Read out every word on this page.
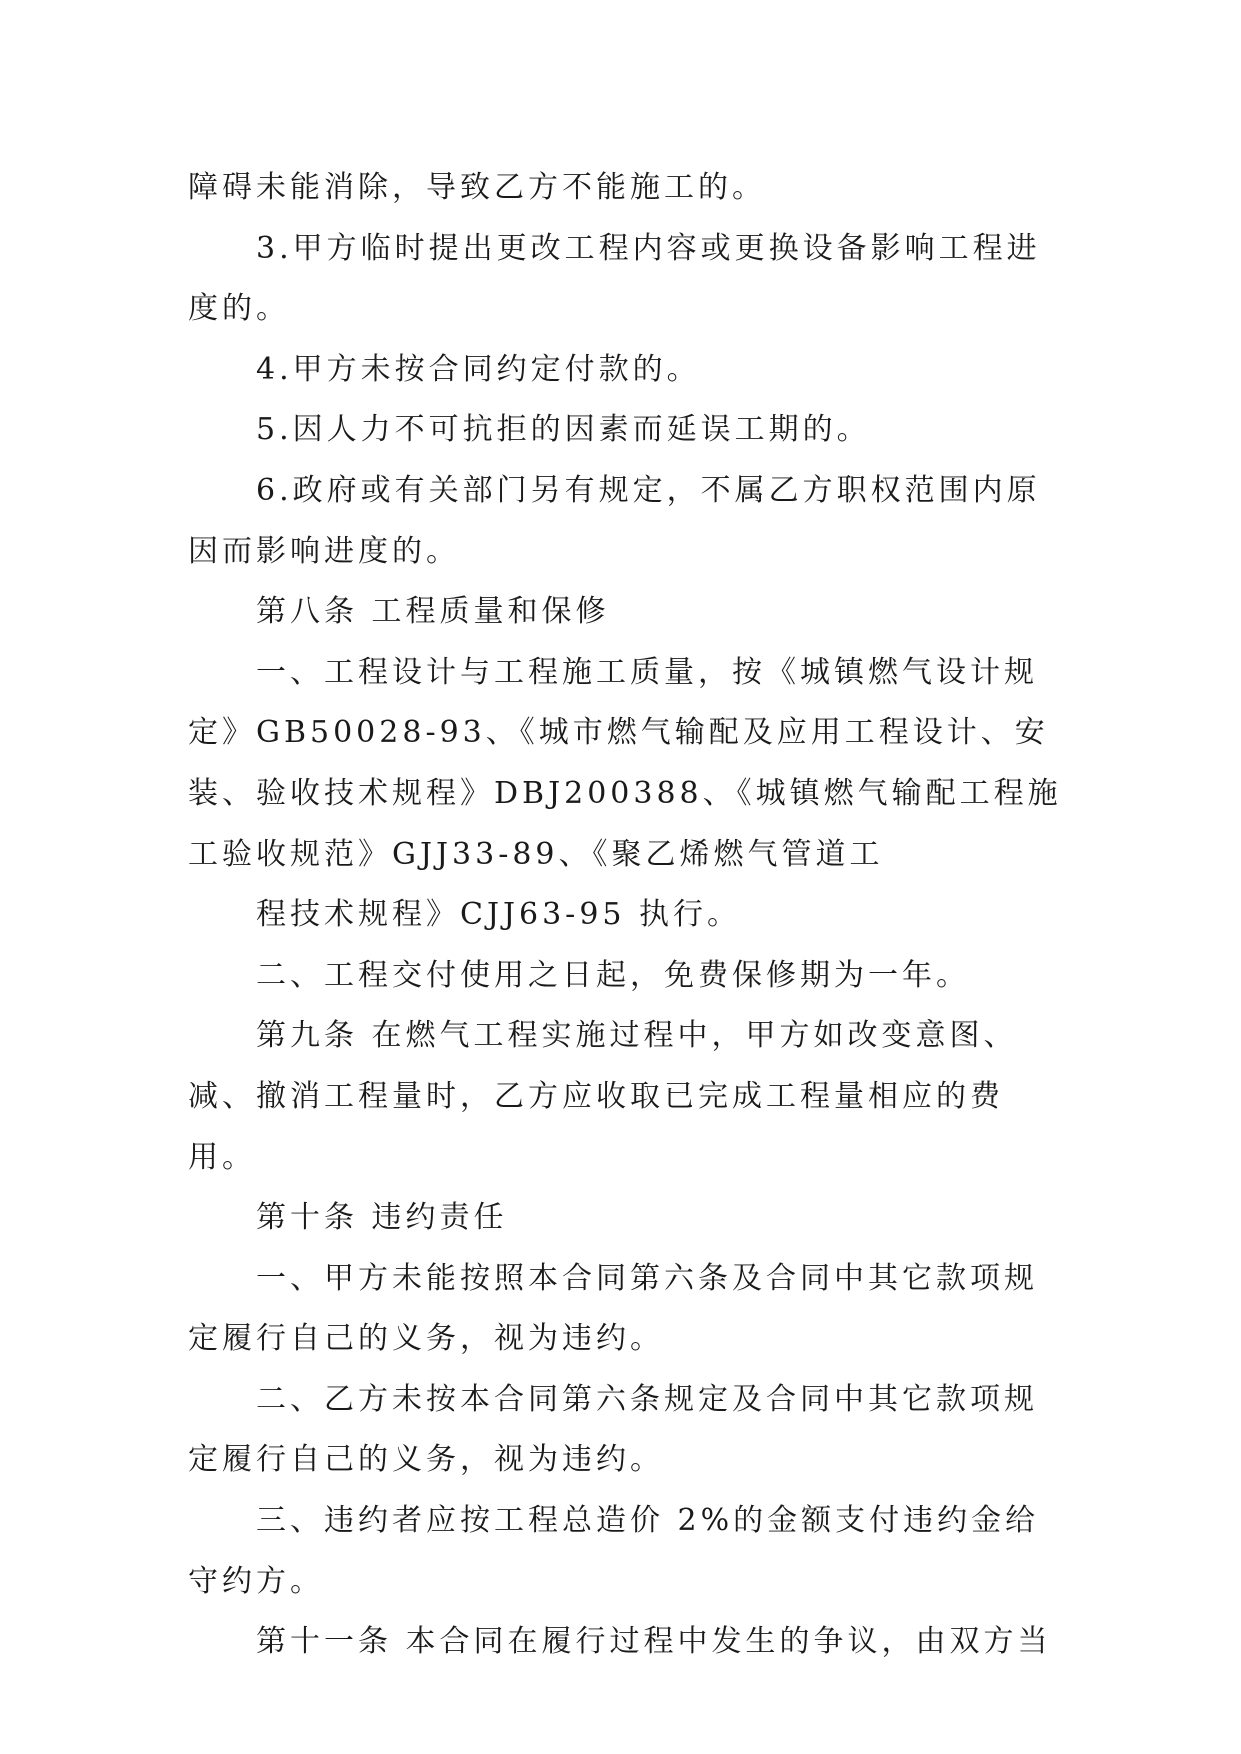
障碍未能消除，导致乙方不能施工的。

3.甲方临时提出更改工程内容或更换设备影响工程进度的。

4.甲方未按合同约定付款的。

5.因人力不可抗拒的因素而延误工期的。

6.政府或有关部门另有规定，不属乙方职权范围内原因而影响进度的。

第八条 工程质量和保修

一、工程设计与工程施工质量，按《城镇燃气设计规定》GB50028-93、《城市燃气输配及应用工程设计、安装、验收技术规程》DBJ200388、《城镇燃气输配工程施工验收规范》GJJ33-89、《聚乙烯燃气管道工

程技术规程》CJJ63-95 执行。

二、工程交付使用之日起，免费保修期为一年。

第九条 在燃气工程实施过程中，甲方如改变意图、减、撤消工程量时，乙方应收取已完成工程量相应的费用。

第十条 违约责任

一、甲方未能按照本合同第六条及合同中其它款项规定履行自己的义务，视为违约。

二、乙方未按本合同第六条规定及合同中其它款项规定履行自己的义务，视为违约。

三、违约者应按工程总造价 2%的金额支付违约金给守约方。

第十一条 本合同在履行过程中发生的争议，由双方当
